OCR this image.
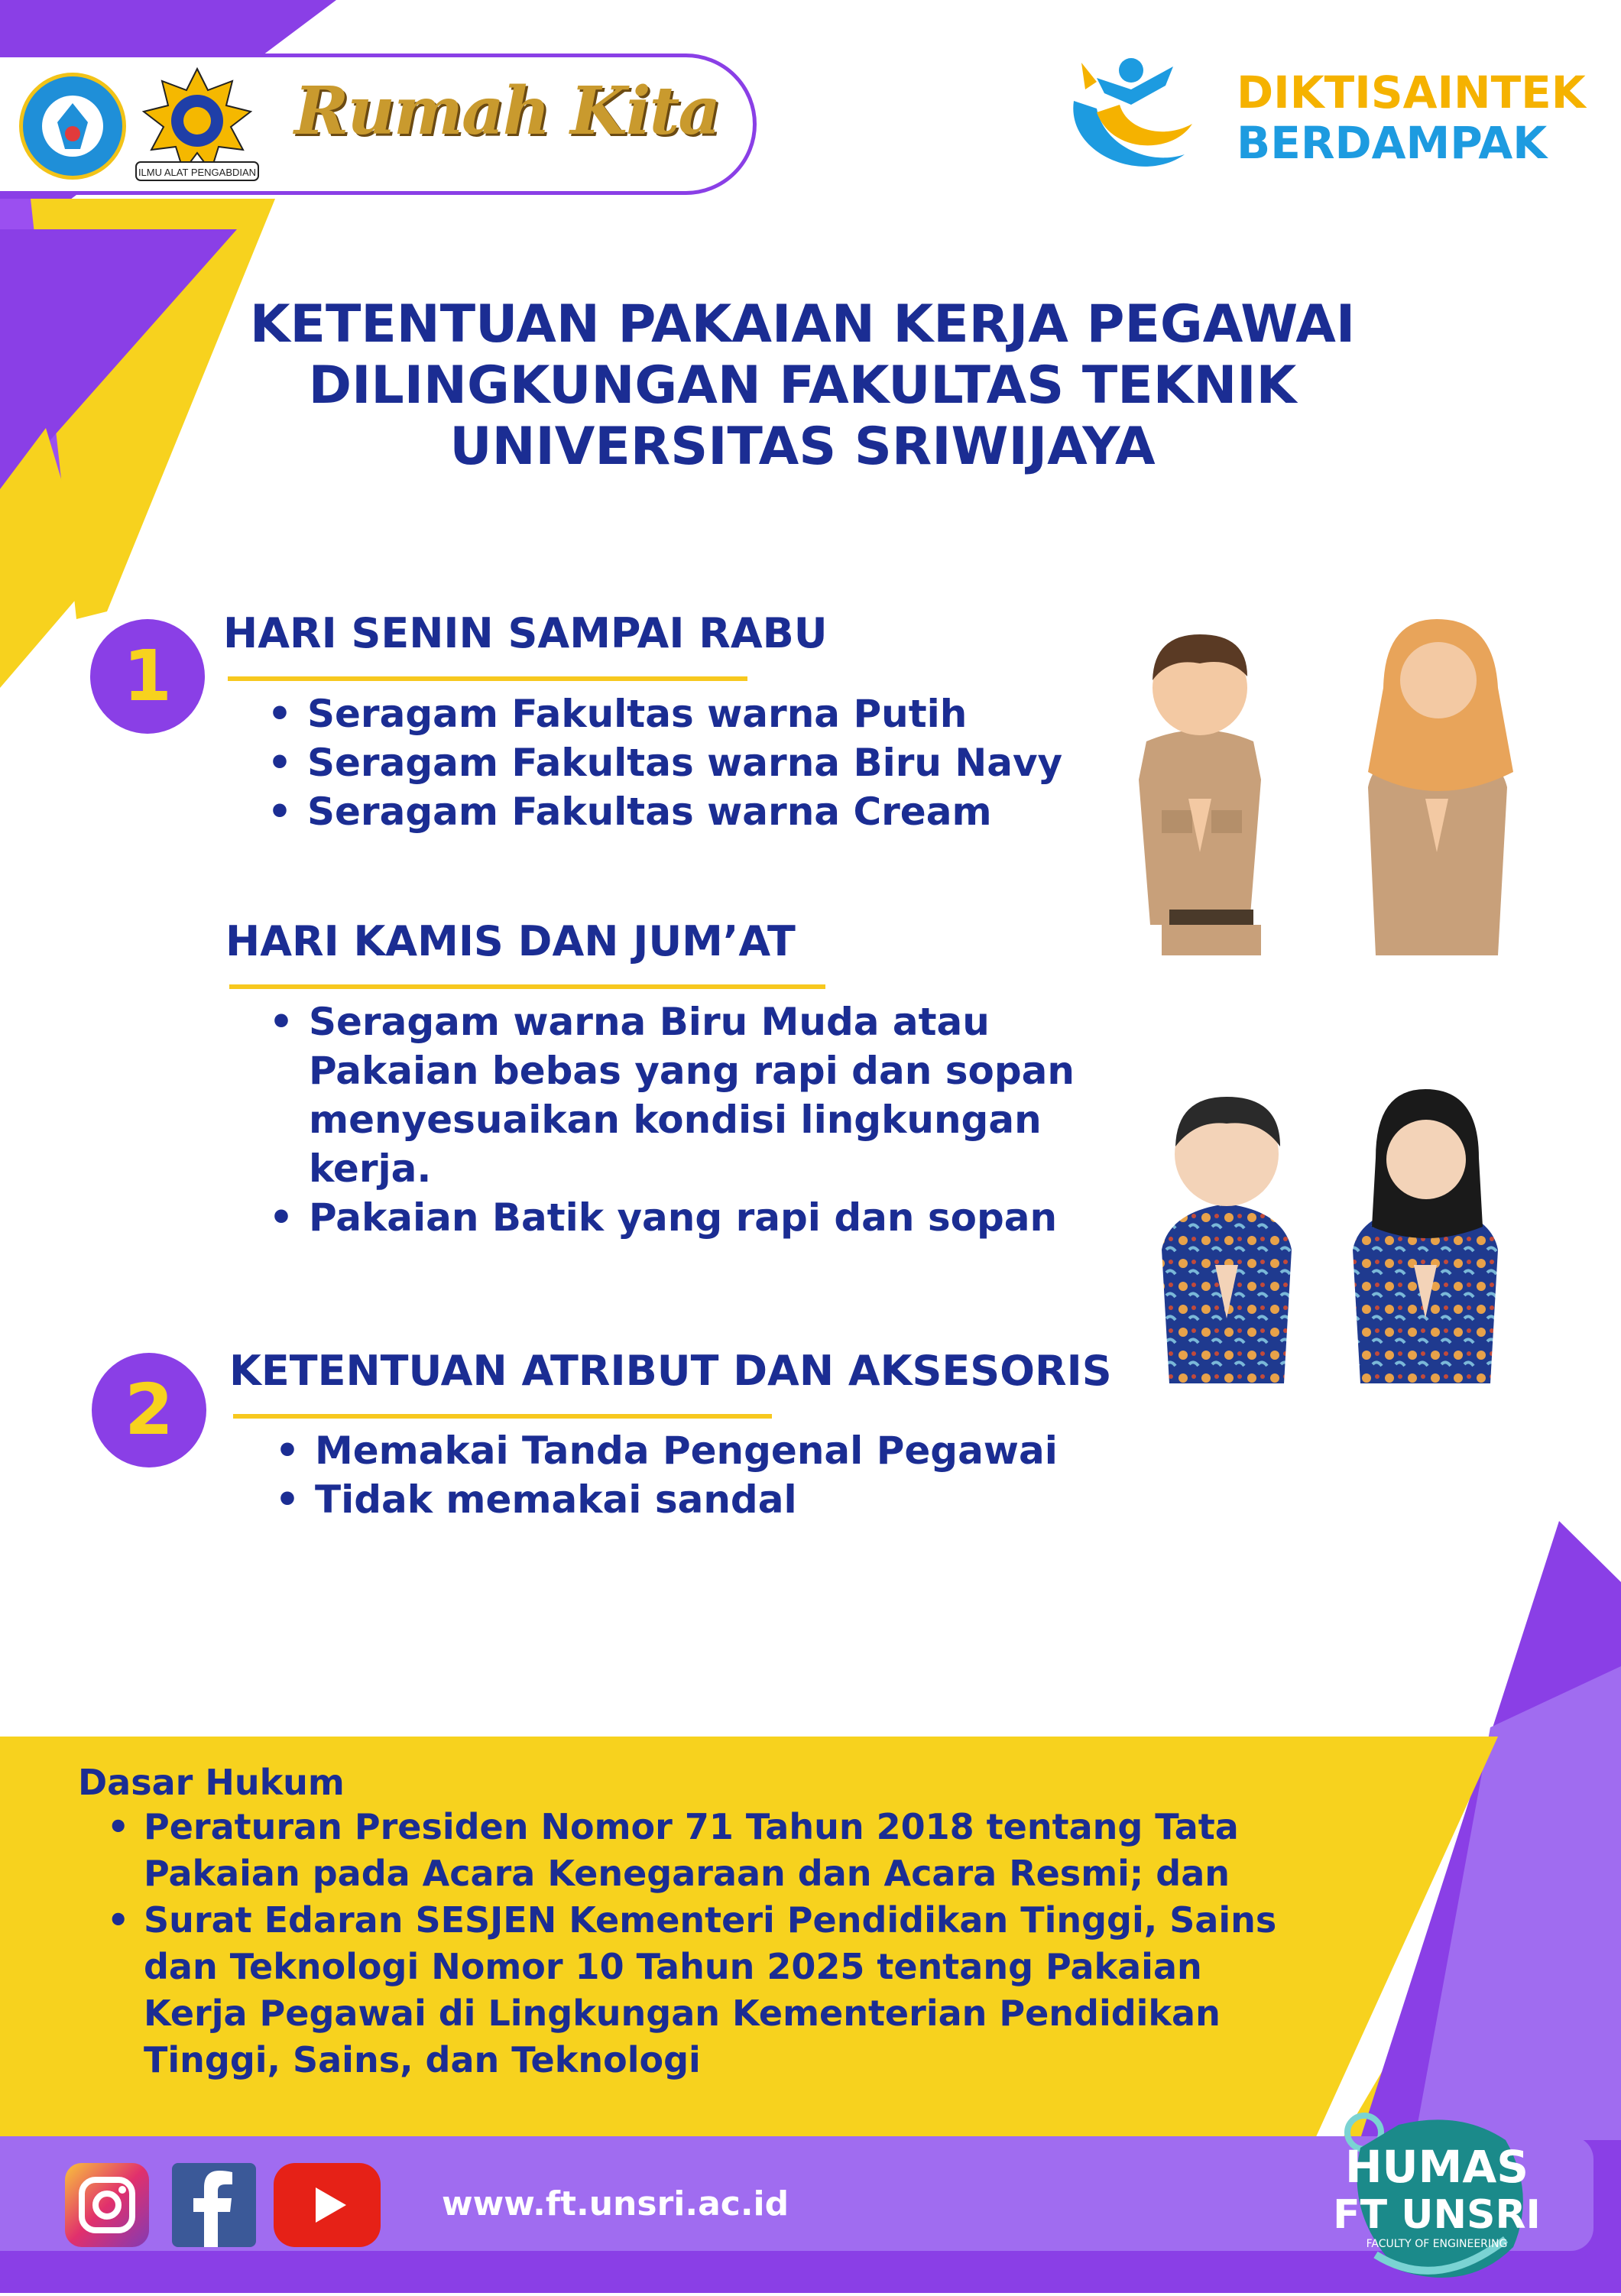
ILMU ALAT PENGABDIAN
Rumah Kita	DIKTISAINTEK
BERDAMPAK
KETENTUAN PAKAIAN KERJA PEGAWAI
DILINGKUNGAN FAKULTAS TEKNIK
UNIVERSITAS SRIWIJAYA
1
HARI SENIN SAMPAI RABU
• Seragam Fakultas warna Putih
• Seragam Fakultas warna Biru Navy
• Seragam Fakultas warna Cream
HARI KAMIS DAN JUM’AT
• Seragam warna Biru Muda atau Pakaian bebas yang rapi dan sopan menyesuaikan kondisi lingkungan kerja.
• Pakaian Batik yang rapi dan sopan
2	KETENTUAN ATRIBUT DAN AKSESORIS
• Memakai Tanda Pengenal Pegawai
• Tidak memakai sandal
Dasar Hukum
• Peraturan Presiden Nomor 71 Tahun 2018 tentang Tata Pakaian pada Acara Kenegaraan dan Acara Resmi; dan
• Surat Edaran SESJEN Kementeri Pendidikan Tinggi, Sains dan Teknologi Nomor 10 Tahun 2025 tentang Pakaian Kerja Pegawai di Lingkungan Kementerian Pendidikan Tinggi, Sains, dan Teknologi
www.ft.unsri.ac.id
HUMAS
FT UNSRI
FACULTY OF ENGINEERING
